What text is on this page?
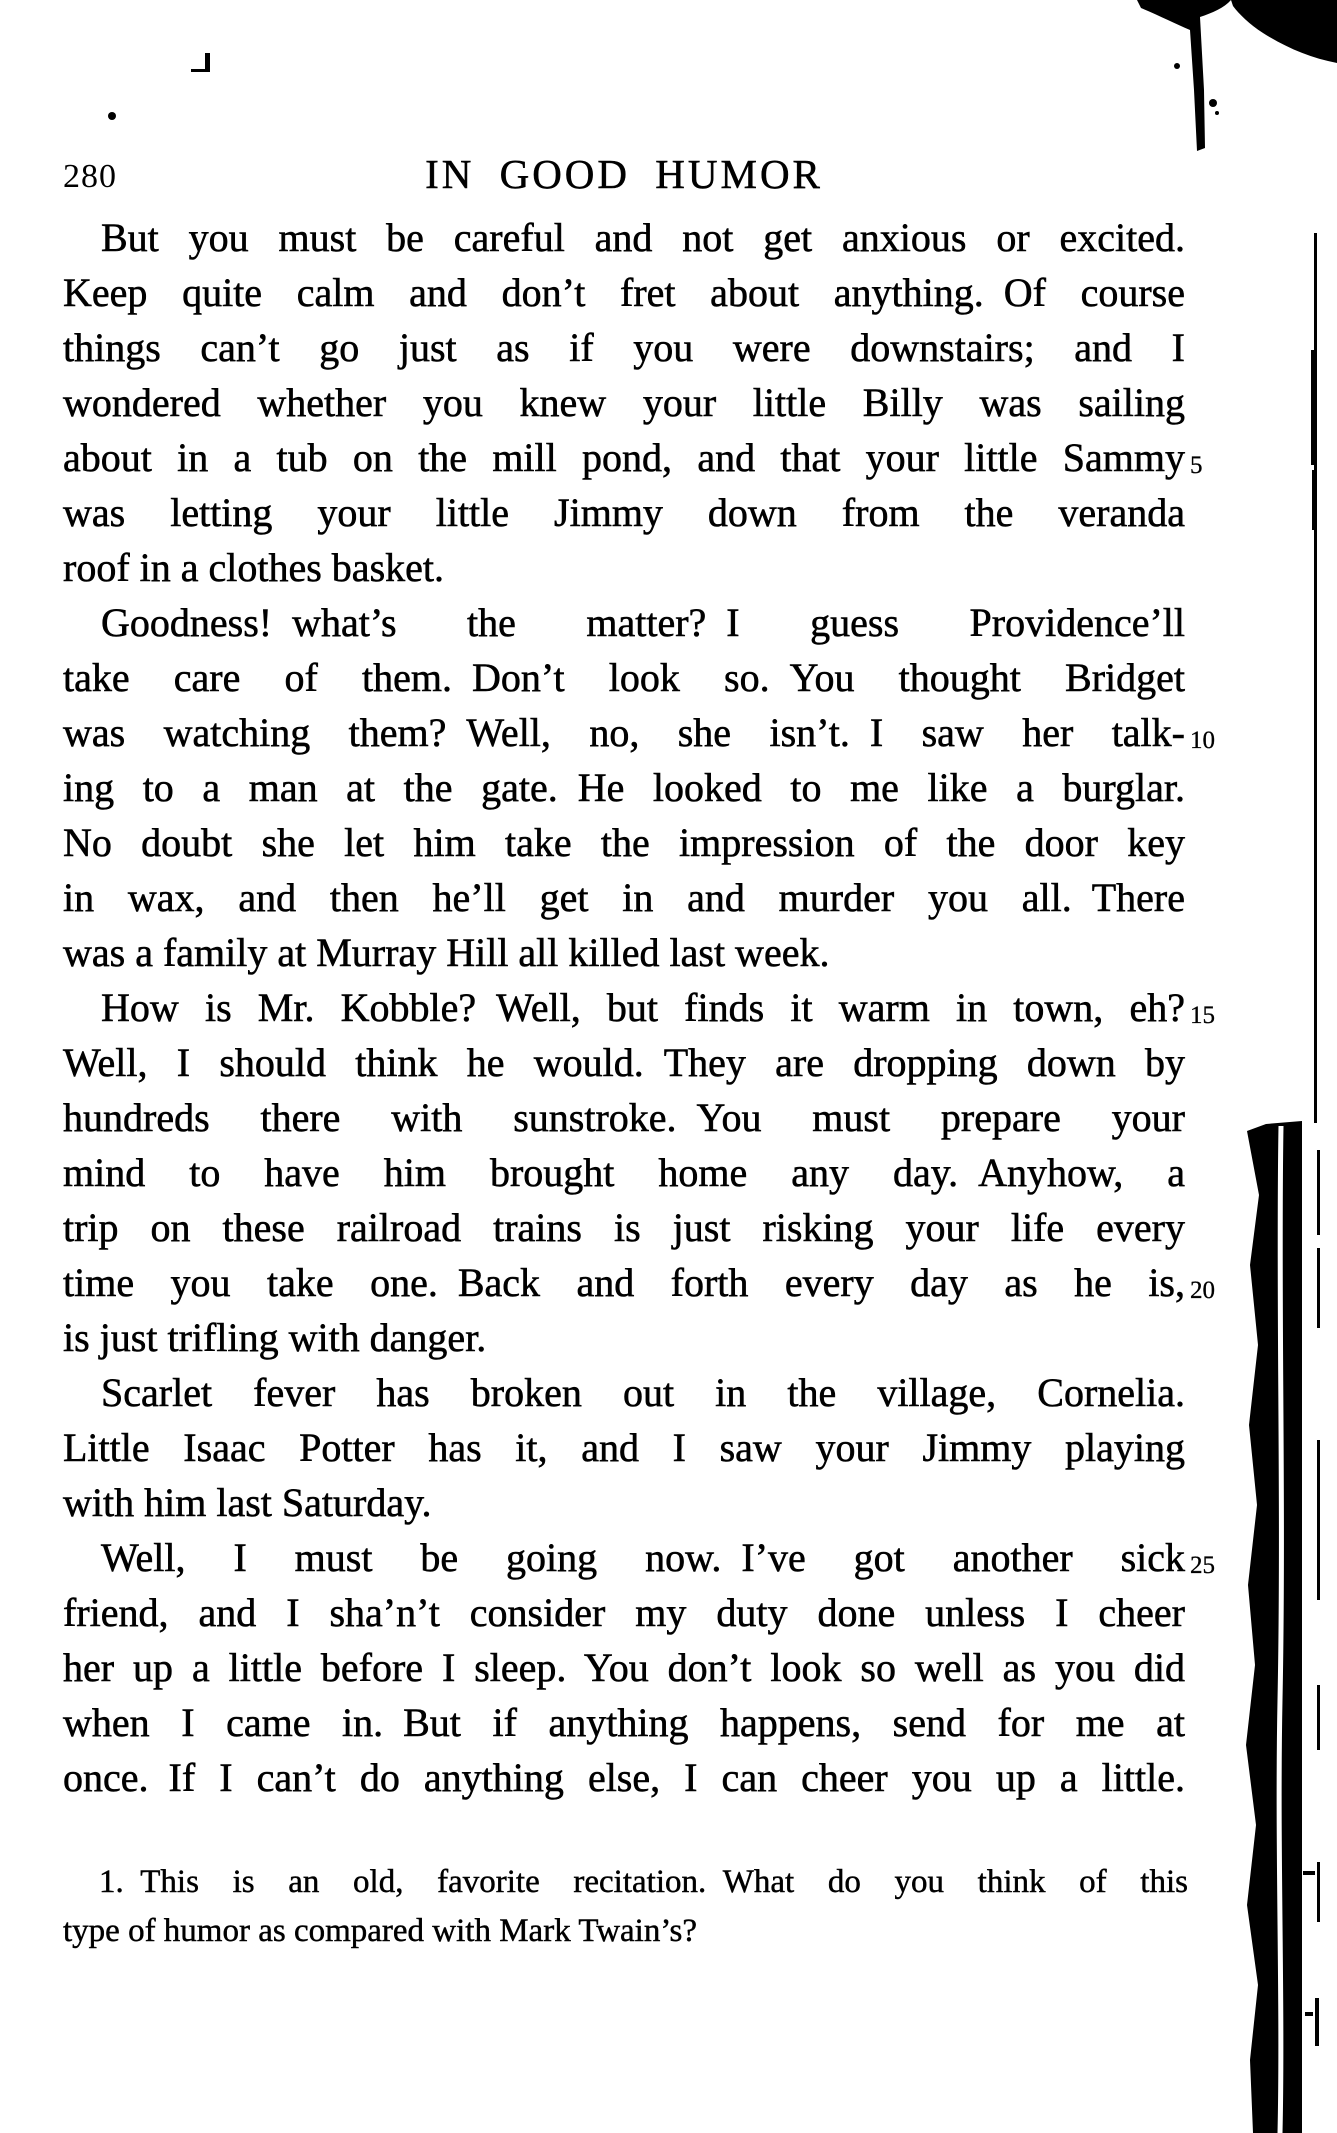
280	IN GOOD HUMOR
But you must be careful and not get anxious or excited.
Keep quite calm and don’t fret about anything. Of course
things can’t go just as if you were downstairs; and I
wondered whether you knew your little Billy was sailing
about in a tub on the mill pond, and that your little Sammy
was letting your little Jimmy down from the veranda
roof in a clothes basket.
Goodness! what’s the matter? I guess Providence’ll
take care of them. Don’t look so. You thought Bridget
was watching them? Well, no, she isn’t. I saw her talk-
ing to a man at the gate. He looked to me like a burglar.
No doubt she let him take the impression of the door key
in wax, and then he’ll get in and murder you all. There
was a family at Murray Hill all killed last week.
How is Mr. Kobble? Well, but finds it warm in town, eh?
Well, I should think he would. They are dropping down by
hundreds there with sunstroke. You must prepare your
mind to have him brought home any day. Anyhow, a
trip on these railroad trains is just risking your life every
time you take one. Back and forth every day as he is,
is just trifling with danger.
Scarlet fever has broken out in the village, Cornelia.
Little Isaac Potter has it, and I saw your Jimmy playing
with him last Saturday.
Well, I must be going now. I’ve got another sick
friend, and I sha’n’t consider my duty done unless I cheer
her up a little before I sleep. You don’t look so well as you did
when I came in. But if anything happens, send for me at
once. If I can’t do anything else, I can cheer you up a little.
5
10
15
20
25
1. This is an old, favorite recitation. What do you think of this
type of humor as compared with Mark Twain’s?
